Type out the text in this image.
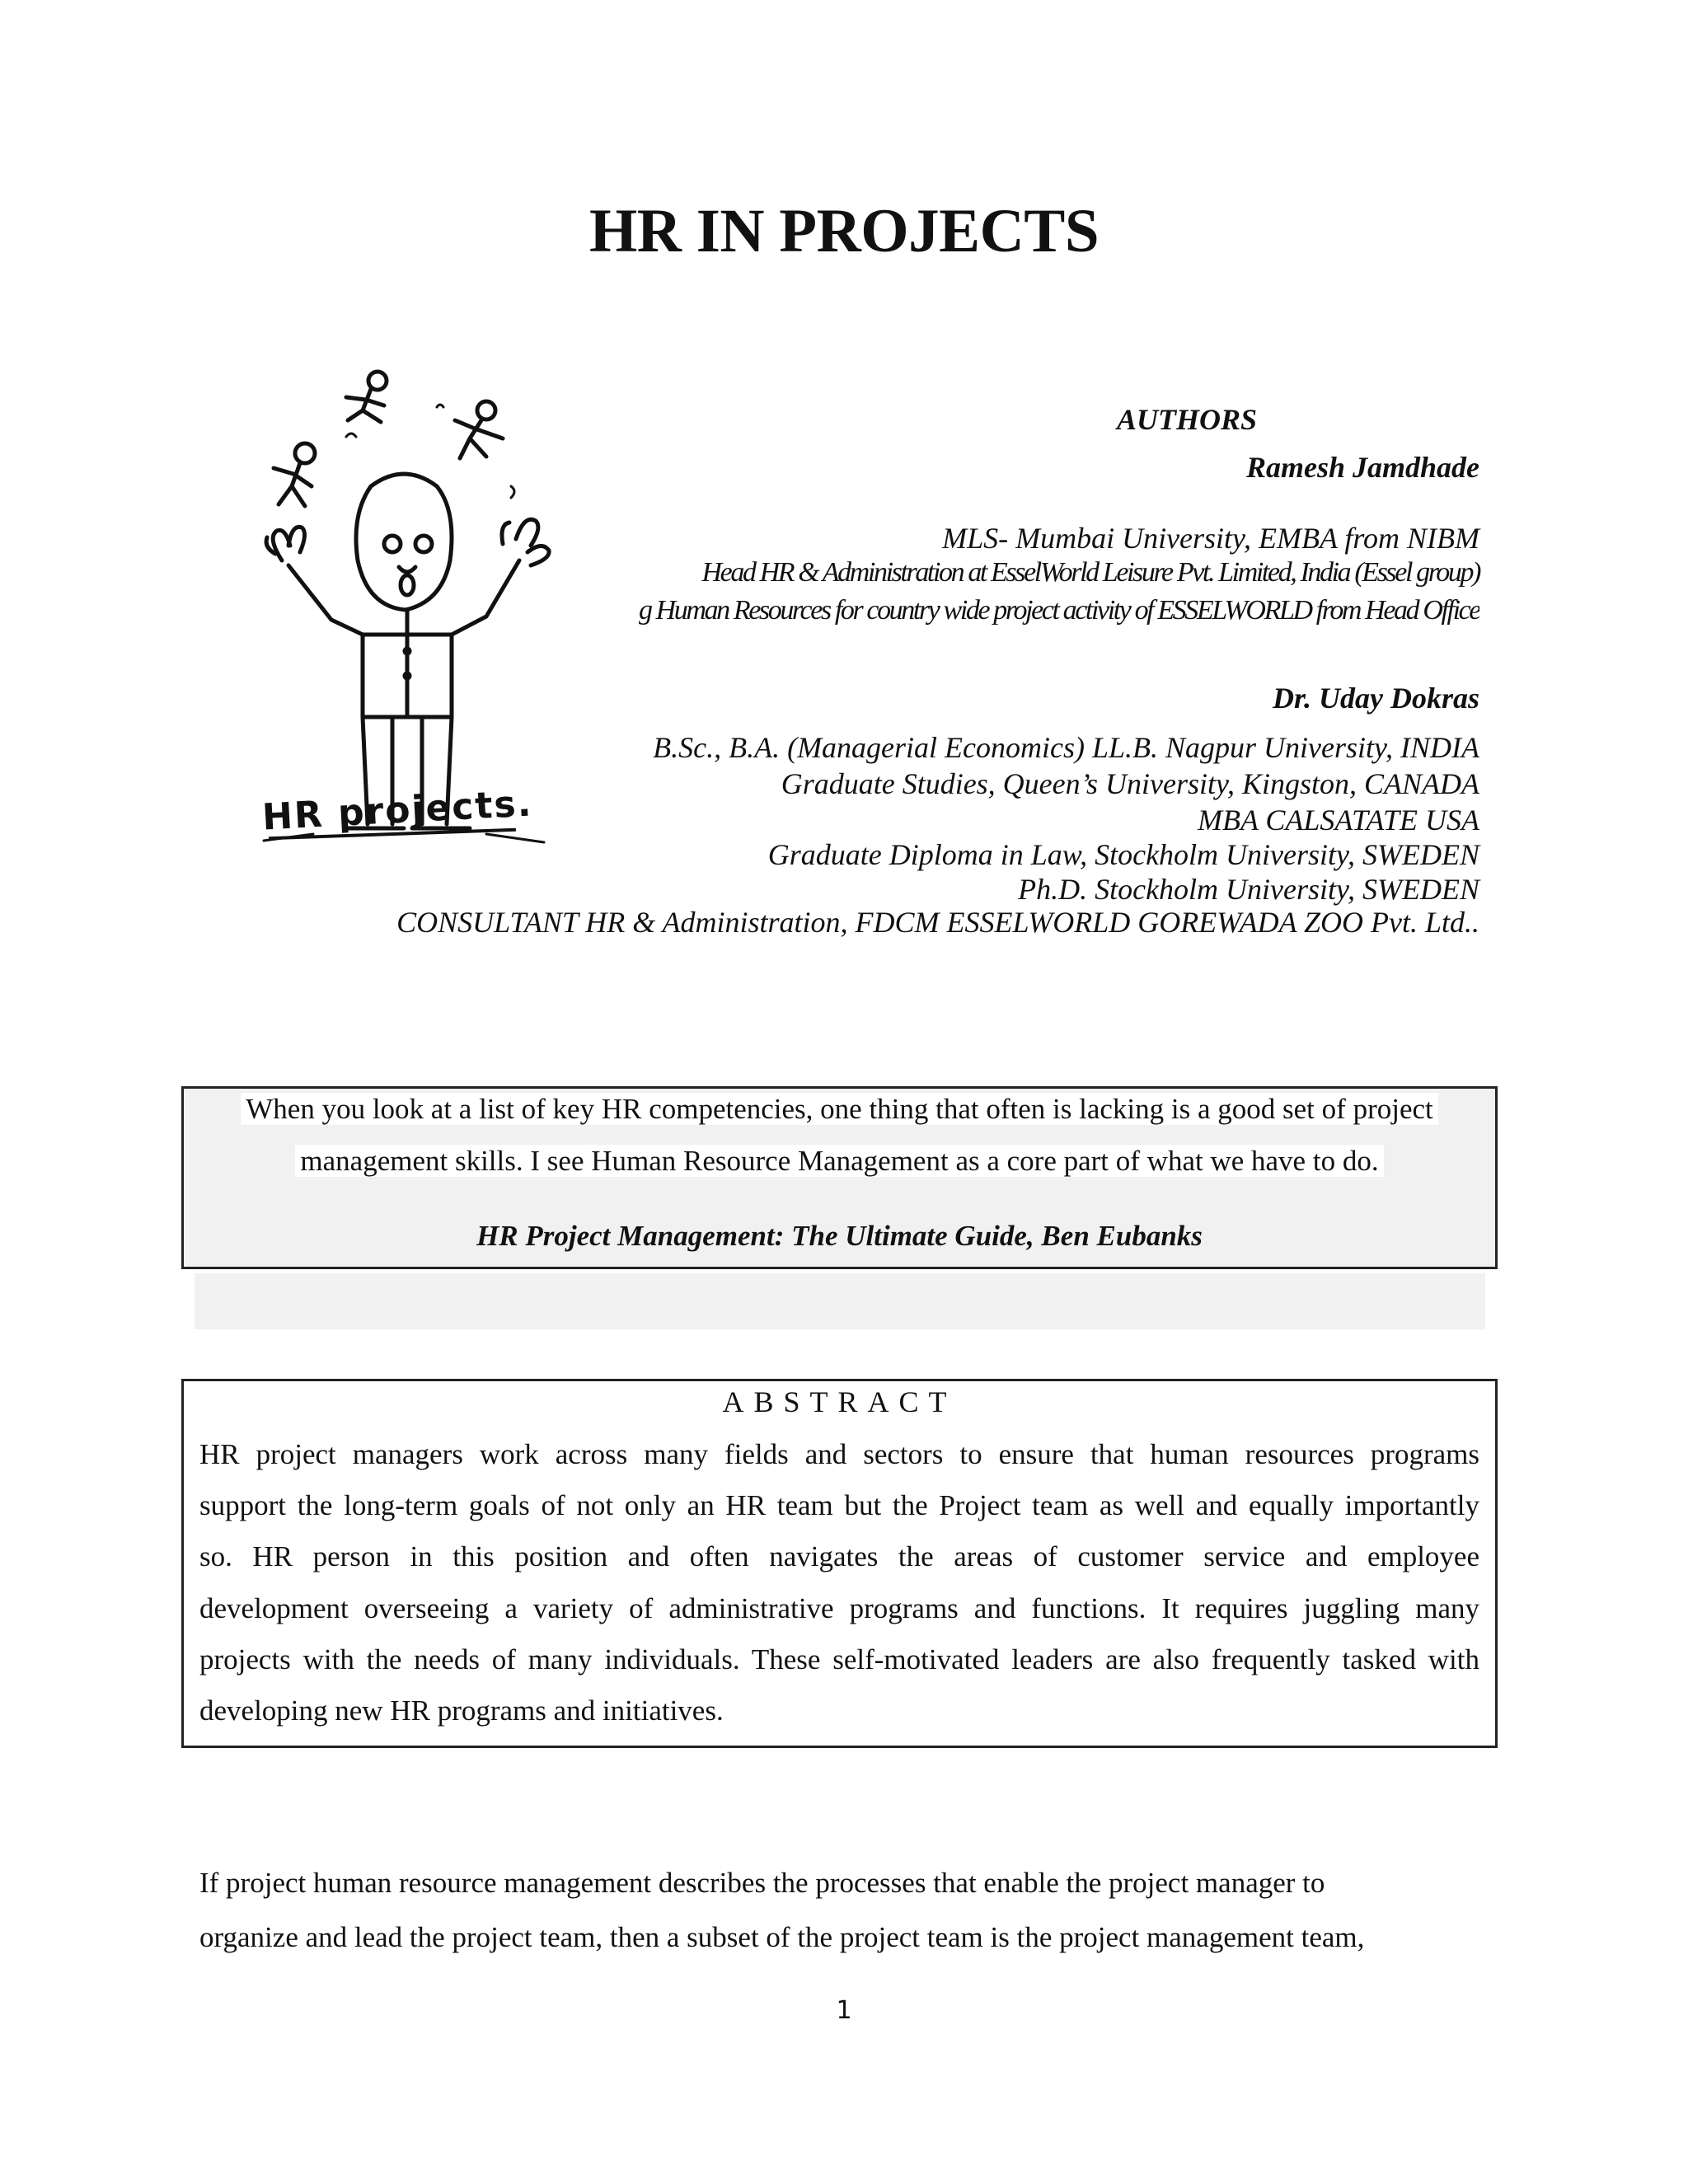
HR IN PROJECTS
HR projects.
AUTHORS
Ramesh Jamdhade
MLS- Mumbai University, EMBA from NIBM
Head HR & Administration at EsselWorld Leisure Pvt. Limited, India (Essel group)
g Human Resources for country wide project activity of ESSELWORLD from Head Office
Dr. Uday Dokras
B.Sc., B.A. (Managerial Economics) LL.B. Nagpur University, INDIA
Graduate Studies, Queen’s University, Kingston, CANADA
MBA CALSATATE USA
Graduate Diploma in Law, Stockholm University, SWEDEN
Ph.D. Stockholm University, SWEDEN
CONSULTANT HR & Administration, FDCM ESSELWORLD GOREWADA ZOO Pvt. Ltd..
When you look at a list of key HR competencies, one thing that often is lacking is a good set of project
management skills. I see Human Resource Management as a core part of what we have to do.
HR Project Management: The Ultimate Guide, Ben Eubanks
ABSTRACT
HR project managers work across many fields and sectors to ensure that human resources programs
support the long-term goals of not only an HR team but the Project team as well and equally importantly
so. HR person in this position and often navigates the areas of customer service and employee
development overseeing a variety of administrative programs and functions. It requires juggling many
projects with the needs of many individuals. These self-motivated leaders are also frequently tasked with
developing new HR programs and initiatives.
If project human resource management describes the processes that enable the project manager to
organize and lead the project team, then a subset of the project team is the project management team,
1
